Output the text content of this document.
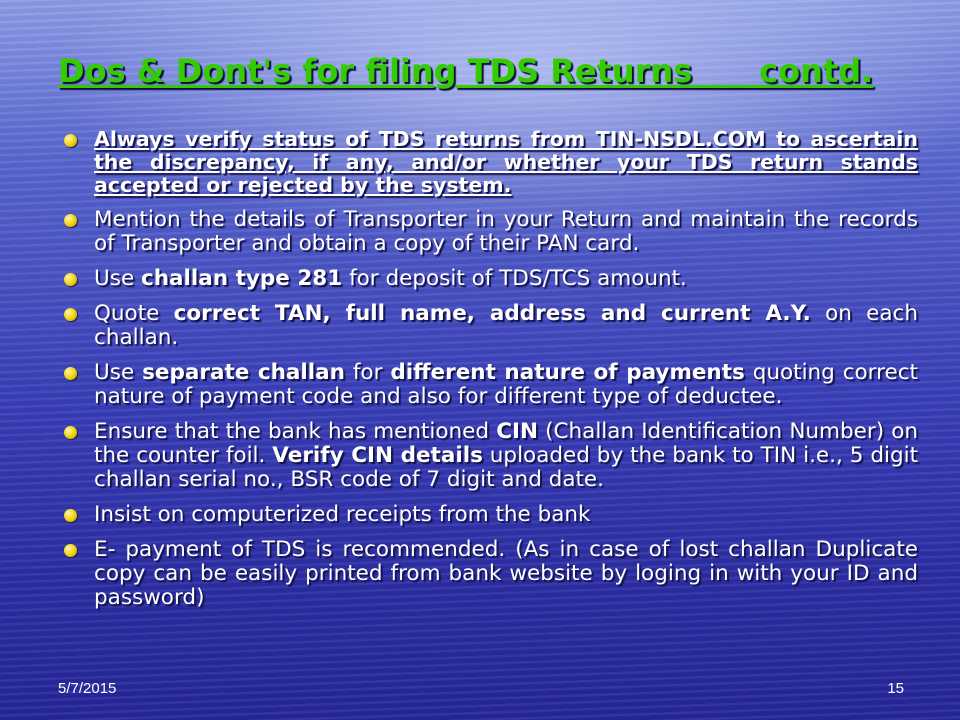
Dos & Dont's for filing TDS Returns      contd.
Always verify status of TDS returns from TIN-NSDL.COM to ascertain the discrepancy, if any, and/or whether your TDS return stands accepted or rejected by the system.
Mention the details of Transporter in your Return and maintain the records of Transporter and obtain a copy of their PAN card.
Use challan type 281 for deposit of TDS/TCS amount.
Quote correct TAN, full name, address and current A.Y. on each challan.
Use separate challan for different nature of payments quoting correct nature of payment code and also for different type of deductee.
Ensure that the bank has mentioned CIN (Challan Identification Number) on the counter foil. Verify CIN details uploaded by the bank to TIN i.e., 5 digit challan serial no., BSR code of 7 digit and date.
Insist on computerized receipts from the bank
E- payment of TDS is recommended. (As in case of lost challan Duplicate copy can be easily printed from bank website by loging in with your ID and password)
5/7/2015	15
